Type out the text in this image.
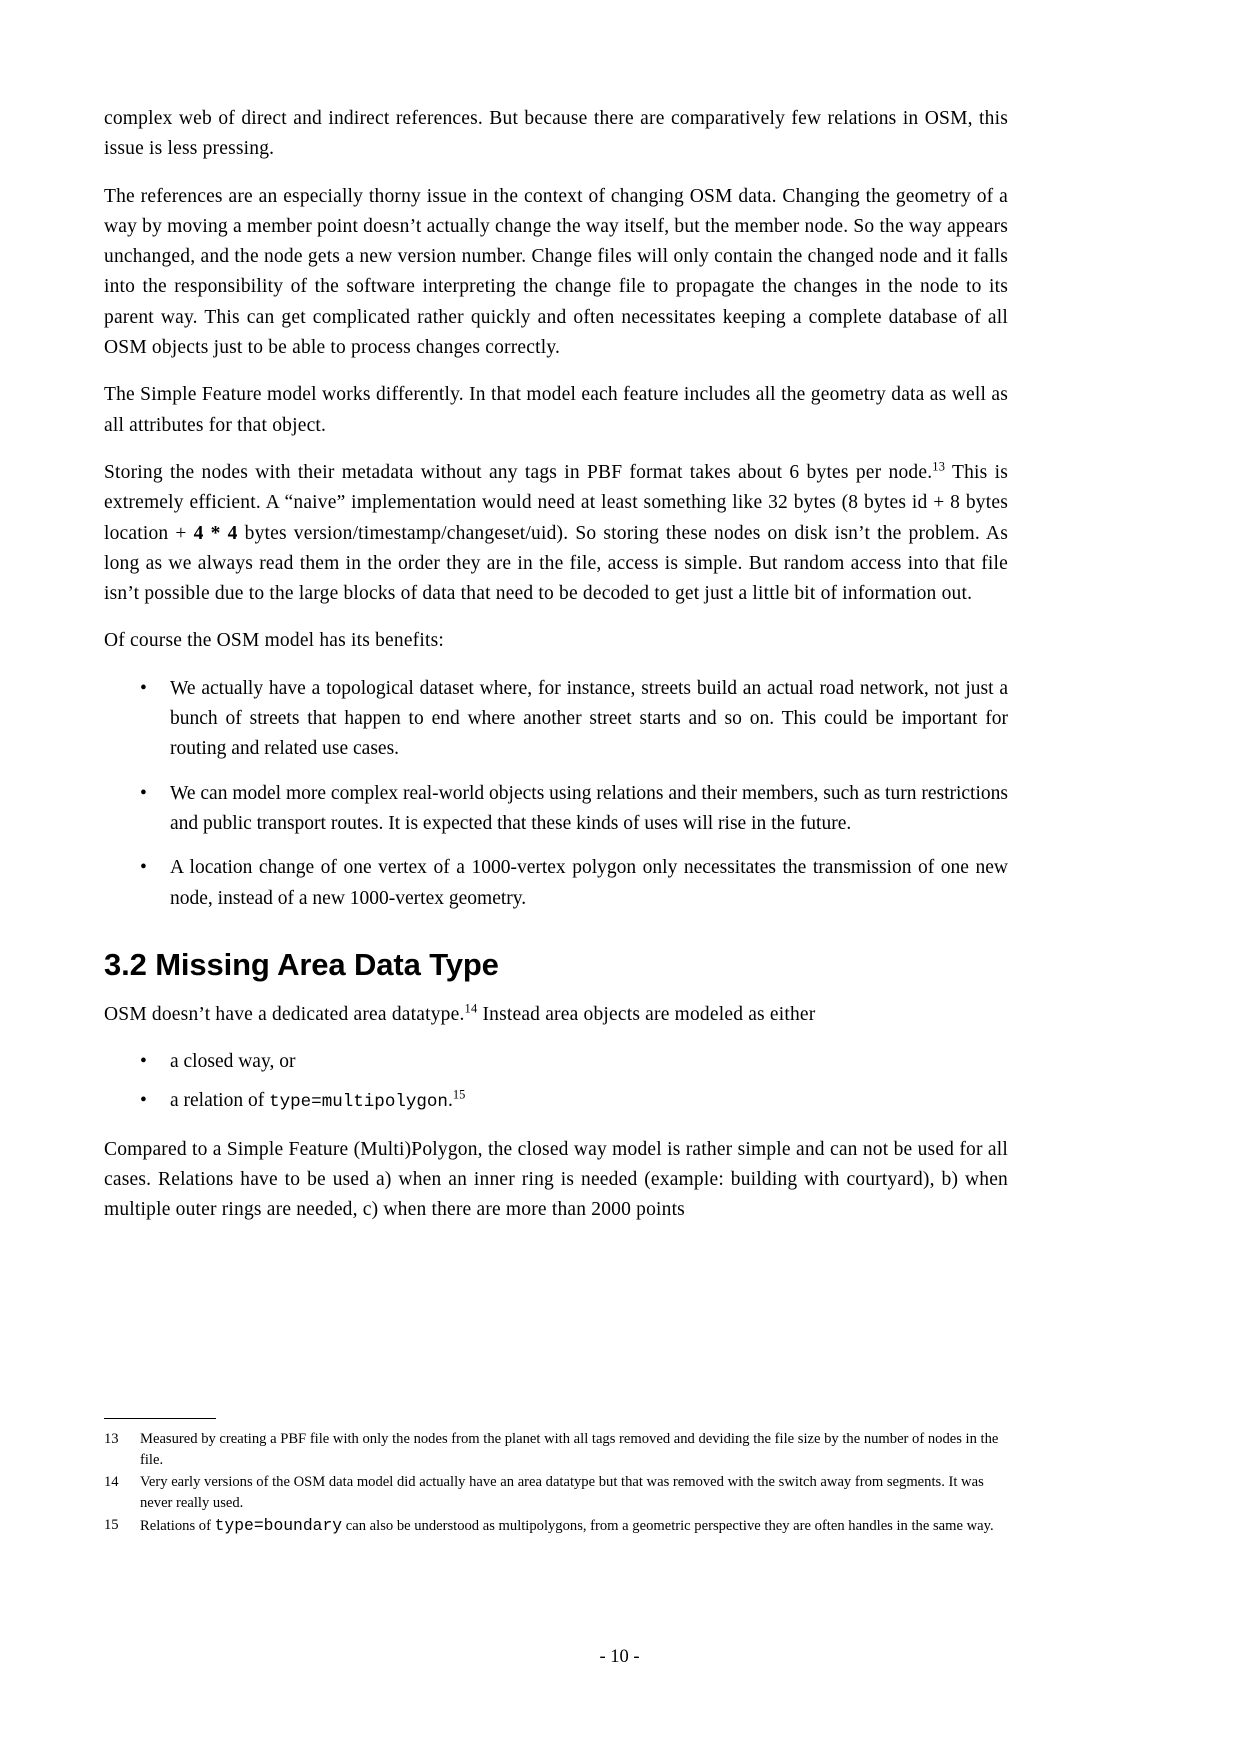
complex web of direct and indirect references. But because there are comparatively few relations in OSM, this issue is less pressing.

The references are an especially thorny issue in the context of changing OSM data. Changing the geometry of a way by moving a member point doesn’t actually change the way itself, but the member node. So the way appears unchanged, and the node gets a new version number. Change files will only contain the changed node and it falls into the responsibility of the software interpreting the change file to propagate the changes in the node to its parent way. This can get complicated rather quickly and often necessitates keeping a complete database of all OSM objects just to be able to process changes correctly.

The Simple Feature model works differently. In that model each feature includes all the geometry data as well as all attributes for that object.

Storing the nodes with their metadata without any tags in PBF format takes about 6 bytes per node.$^{13}$ This is extremely efficient. A “naive” implementation would need at least something like 32 bytes (8 bytes id + 8 bytes location + 4 * 4 bytes version/timestamp/changeset/uid). So storing these nodes on disk isn’t the problem. As long as we always read them in the order they are in the file, access is simple. But random access into that file isn’t possible due to the large blocks of data that need to be decoded to get just a little bit of information out.

Of course the OSM model has its benefits:

• We actually have a topological dataset where, for instance, streets build an actual road network, not just a bunch of streets that happen to end where another street starts and so on. This could be important for routing and related use cases.
• We can model more complex real-world objects using relations and their members, such as turn restrictions and public transport routes. It is expected that these kinds of uses will rise in the future.
• A location change of one vertex of a 1000-vertex polygon only necessitates the transmission of one new node, instead of a new 1000-vertex geometry.
3.2 Missing Area Data Type

OSM doesn’t have a dedicated area datatype.$^{14}$ Instead area objects are modeled as either

• a closed way, or
• a relation of type=multipolygon.$^{15}$

Compared to a Simple Feature (Multi)Polygon, the closed way model is rather simple and can not be used for all cases. Relations have to be used a) when an inner ring is needed (example: building with courtyard), b) when multiple outer rings are needed, c) when there are more than 2000 points

13	Measured by creating a PBF file with only the nodes from the planet with all tags removed and deviding the file size by the number of nodes in the file.
14	Very early versions of the OSM data model did actually have an area datatype but that was removed with the switch away from segments. It was never really used.
15	Relations of type=boundary can also be understood as multipolygons, from a geometric perspective they are often handles in the same way.
- 10 -
